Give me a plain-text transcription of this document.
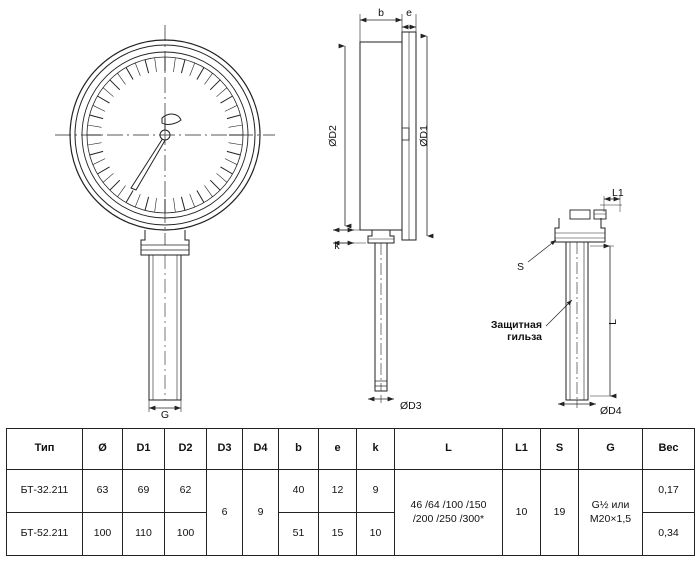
G
b e
k
ØD1
ØD2
ØD3
L1
S
L
ØD4
Защитная
гильза
Тип	Ø	D1	D2	D3	D4	b	e	k	L	L1	S	G	Вес
БТ-32.211	63	69	62	6	9	40	12	9	46 /64 /100 /150
/200 /250 /300*	10	19	G½ или
M20×1,5	0,17
БТ-52.211	100	110	100			51	15	10					0,34
